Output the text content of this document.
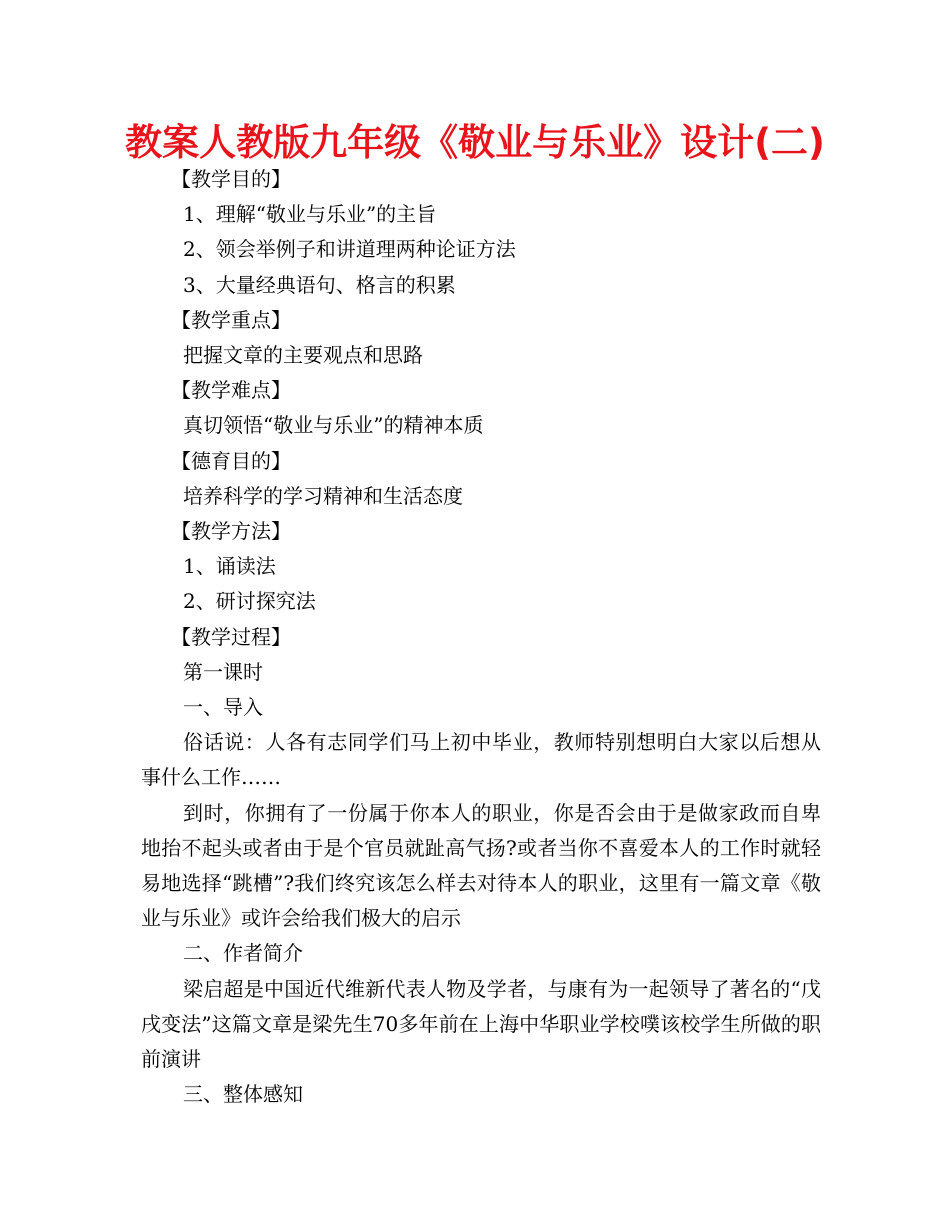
教案人教版九年级《敬业与乐业》设计(二)

【教学目的】

1、理解“敬业与乐业”的主旨

2、领会举例子和讲道理两种论证方法

3、大量经典语句、格言的积累

【教学重点】

把握文章的主要观点和思路

【教学难点】

真切领悟“敬业与乐业”的精神本质

【德育目的】

培养科学的学习精神和生活态度

【教学方法】

1、诵读法

2、研讨探究法

【教学过程】

第一课时

一、导入

俗话说：人各有志同学们马上初中毕业，教师特别想明白大家以后想从事什么工作……

到时，你拥有了一份属于你本人的职业，你是否会由于是做家政而自卑地抬不起头或者由于是个官员就趾高气扬?或者当你不喜爱本人的工作时就轻易地选择“跳槽”?我们终究该怎么样去对待本人的职业，这里有一篇文章《敬业与乐业》或许会给我们极大的启示

二、作者简介

梁启超是中国近代维新代表人物及学者，与康有为一起领导了著名的“戊戌变法”这篇文章是梁先生70多年前在上海中华职业学校噗该校学生所做的职前演讲

三、整体感知
